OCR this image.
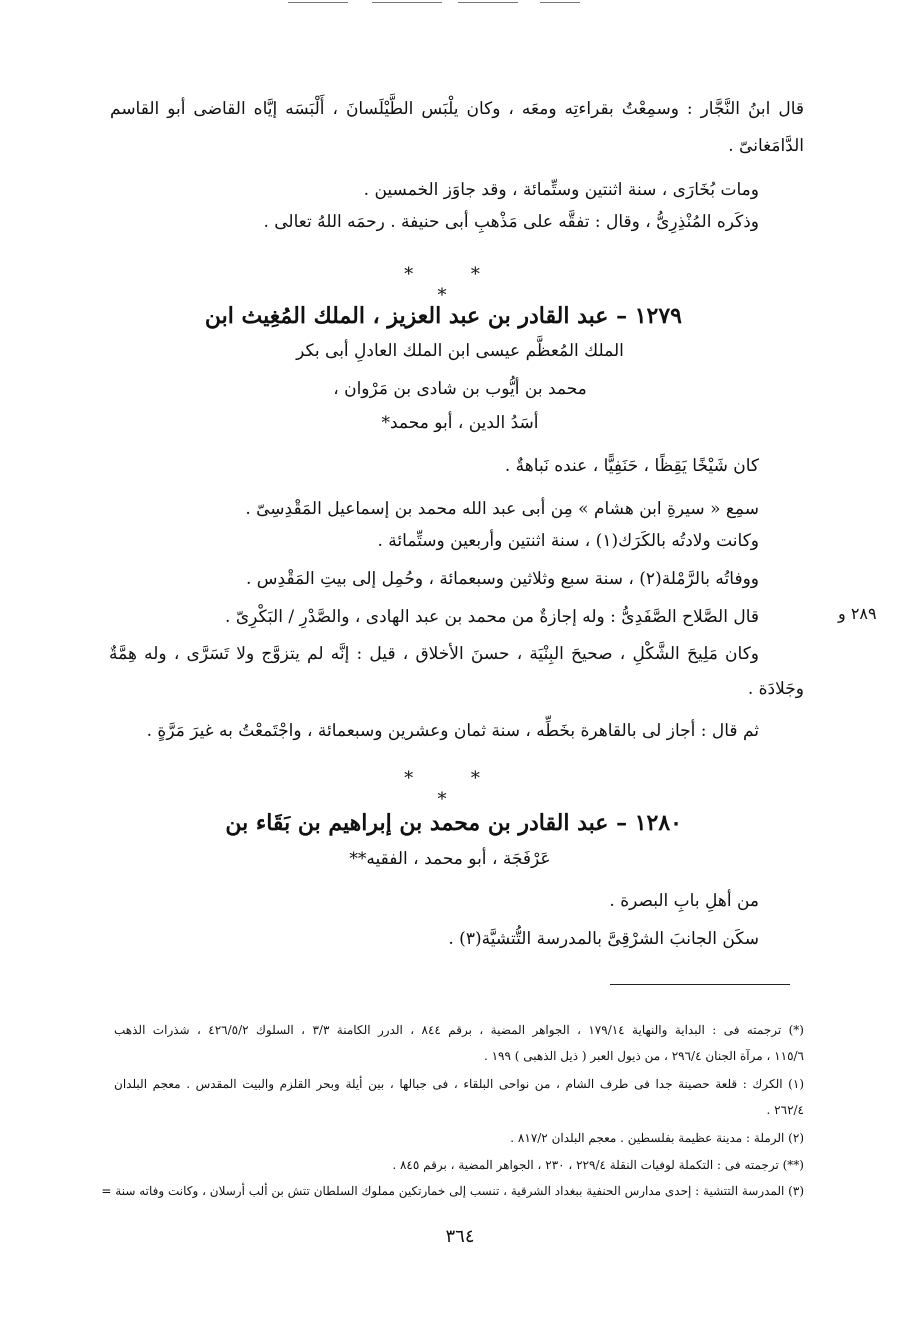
قال ابنُ النَّجَّار : وسمِعْتُ بقراءتِه ومعَه ، وكان يلْبَس الطَّيْلَسانَ ، أَلْبَسَه إيَّاه القاضى أبو القاسم
الدَّامَغانىّ .
ومات بُخَارَى ، سنة اثنتين وستِّمائة ، وقد جاوَز الخمسين .
وذكَره المُنْذِرِىُّ ، وقال : تفقَّه على مَذْهبِ أبى حنيفة . رحمَه اللهُ تعالى .
* * *
١٢٧٩ – عبد القادر بن عبد العزيز ، الملك المُغِيث ابن
الملك المُعظَّم عيسى ابن الملك العادلِ أبى بكر
محمد بن أيُّوب بن شادى بن مَرْوان ،
أسَدُ الدين ، أبو محمد*
كان شَيْخًا يَقِظًا ، حَنَفِيًّا ، عنده نَباهةٌ .
سمِع « سيرةِ ابن هشام » مِن أبى عبد الله محمد بن إسماعيل المَقْدِسِىّ .
وكانت ولادتُه بالكَرَك(١) ، سنة اثنتين وأربعين وستِّمائة .
ووفاتُه بالرَّمْلة(٢) ، سنة سبع وثلاثين وسبعمائة ، وحُمِل إلى بيتِ المَقْدِس .
قال الصَّلاح الصَّفَدِىُّ : وله إجازةٌ من محمد بن عبد الهادى ، والصَّدْرِ / البَكْرِىّ .	٢٨٩ و
وكان مَلِيحَ الشَّكْلِ ، صحيحَ البِنْيَة ، حسنَ الأخلاق ، قيل : إنَّه لم يتزوَّج ولا تَسَرَّى ، وله هِمَّةٌ
وجَلادَة .
ثم قال : أجاز لى بالقاهرة بخَطِّه ، سنة ثمان وعشرين وسبعمائة ، واجْتَمعْتُ به غيرَ مَرَّةٍ .
* * *
١٢٨٠ – عبد القادر بن محمد بن إبراهيم بن بَقَاء بن
عَرْفَجَة ، أبو محمد ، الفقيه**
من أهلِ بابِ البصرة .
سكَن الجانبَ الشرْقِىَّ بالمدرسة التُّتشيَّة(٣) .
(*) ترجمته فى : البداية والنهاية ١٧٩/١٤ ، الجواهر المضية ، برقم ٨٤٤ ، الدرر الكامنة ٣/٣ ، السلوك ٤٢٦/٥/٢ ، شذرات الذهب
١١٥/٦ ، مرآة الجنان ٢٩٦/٤ ، من ذيول العبر ( ذيل الذهبى ) ١٩٩ .
(١) الكرك : قلعة حصينة جدا فى طرف الشام ، من نواحى البلقاء ، فى جبالها ، بين أيلة وبحر القلزم والبيت المقدس . معجم البلدان
٢٦٢/٤ .
(٢) الرملة : مدينة عظيمة بفلسطين . معجم البلدان ٨١٧/٢ .
(**) ترجمته فى : التكملة لوفيات النقلة ٢٢٩/٤ ، ٢٣٠ ، الجواهر المضية ، برقم ٨٤٥ .
(٣) المدرسة التتشية : إحدى مدارس الحنفية ببغداد الشرقية ، تنسب إلى خمارتكين مملوك السلطان تتش بن ألب أرسلان ، وكانت وفاته سنة =
٣٦٤
